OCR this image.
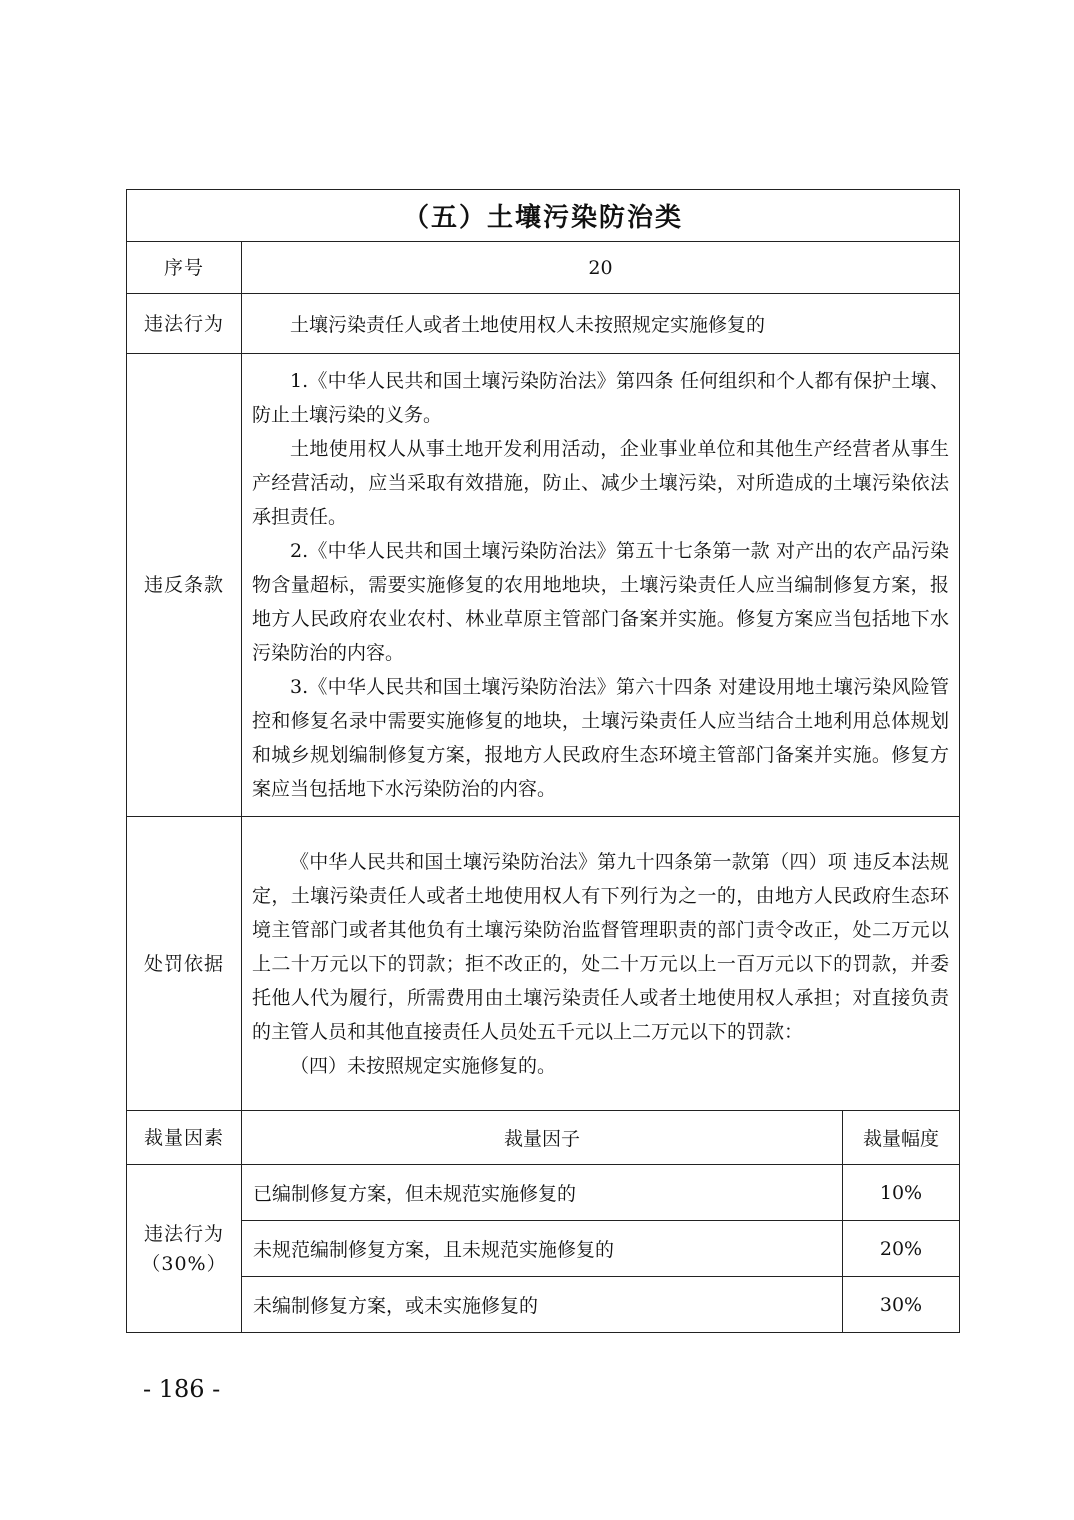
（五）土壤污染防治类		
序号	20	
违法行为	土壤污染责任人或者土地使用权人未按照规定实施修复的	
违反条款	1.《中华人民共和国土壤污染防治法》第四条 任何组织和个人都有保护土壤、防止土壤污染的义务。

土地使用权人从事土地开发利用活动，企业事业单位和其他生产经营者从事生产经营活动，应当采取有效措施，防止、减少土壤污染，对所造成的土壤污染依法承担责任。

2.《中华人民共和国土壤污染防治法》第五十七条第一款 对产出的农产品污染物含量超标，需要实施修复的农用地地块，土壤污染责任人应当编制修复方案，报地方人民政府农业农村、林业草原主管部门备案并实施。修复方案应当包括地下水污染防治的内容。

3.《中华人民共和国土壤污染防治法》第六十四条 对建设用地土壤污染风险管控和修复名录中需要实施修复的地块，土壤污染责任人应当结合土地利用总体规划和城乡规划编制修复方案，报地方人民政府生态环境主管部门备案并实施。修复方案应当包括地下水污染防治的内容。	

处罚依据	《中华人民共和国土壤污染防治法》第九十四条第一款第（四）项 违反本法规定，土壤污染责任人或者土地使用权人有下列行为之一的，由地方人民政府生态环境主管部门或者其他负有土壤污染防治监督管理职责的部门责令改正，处二万元以上二十万元以下的罚款；拒不改正的，处二十万元以上一百万元以下的罚款，并委托他人代为履行，所需费用由土壤污染责任人或者土地使用权人承担；对直接负责的主管人员和其他直接责任人员处五千元以上二万元以下的罚款：

（四）未按照规定实施修复的。	

裁量因素	裁量因子	裁量幅度

违法行为
（30%）	已编制修复方案，但未规范实施修复的	10%
	未规范编制修复方案，且未规范实施修复的	20%
	未编制修复方案，或未实施修复的	30%
- 186 -
